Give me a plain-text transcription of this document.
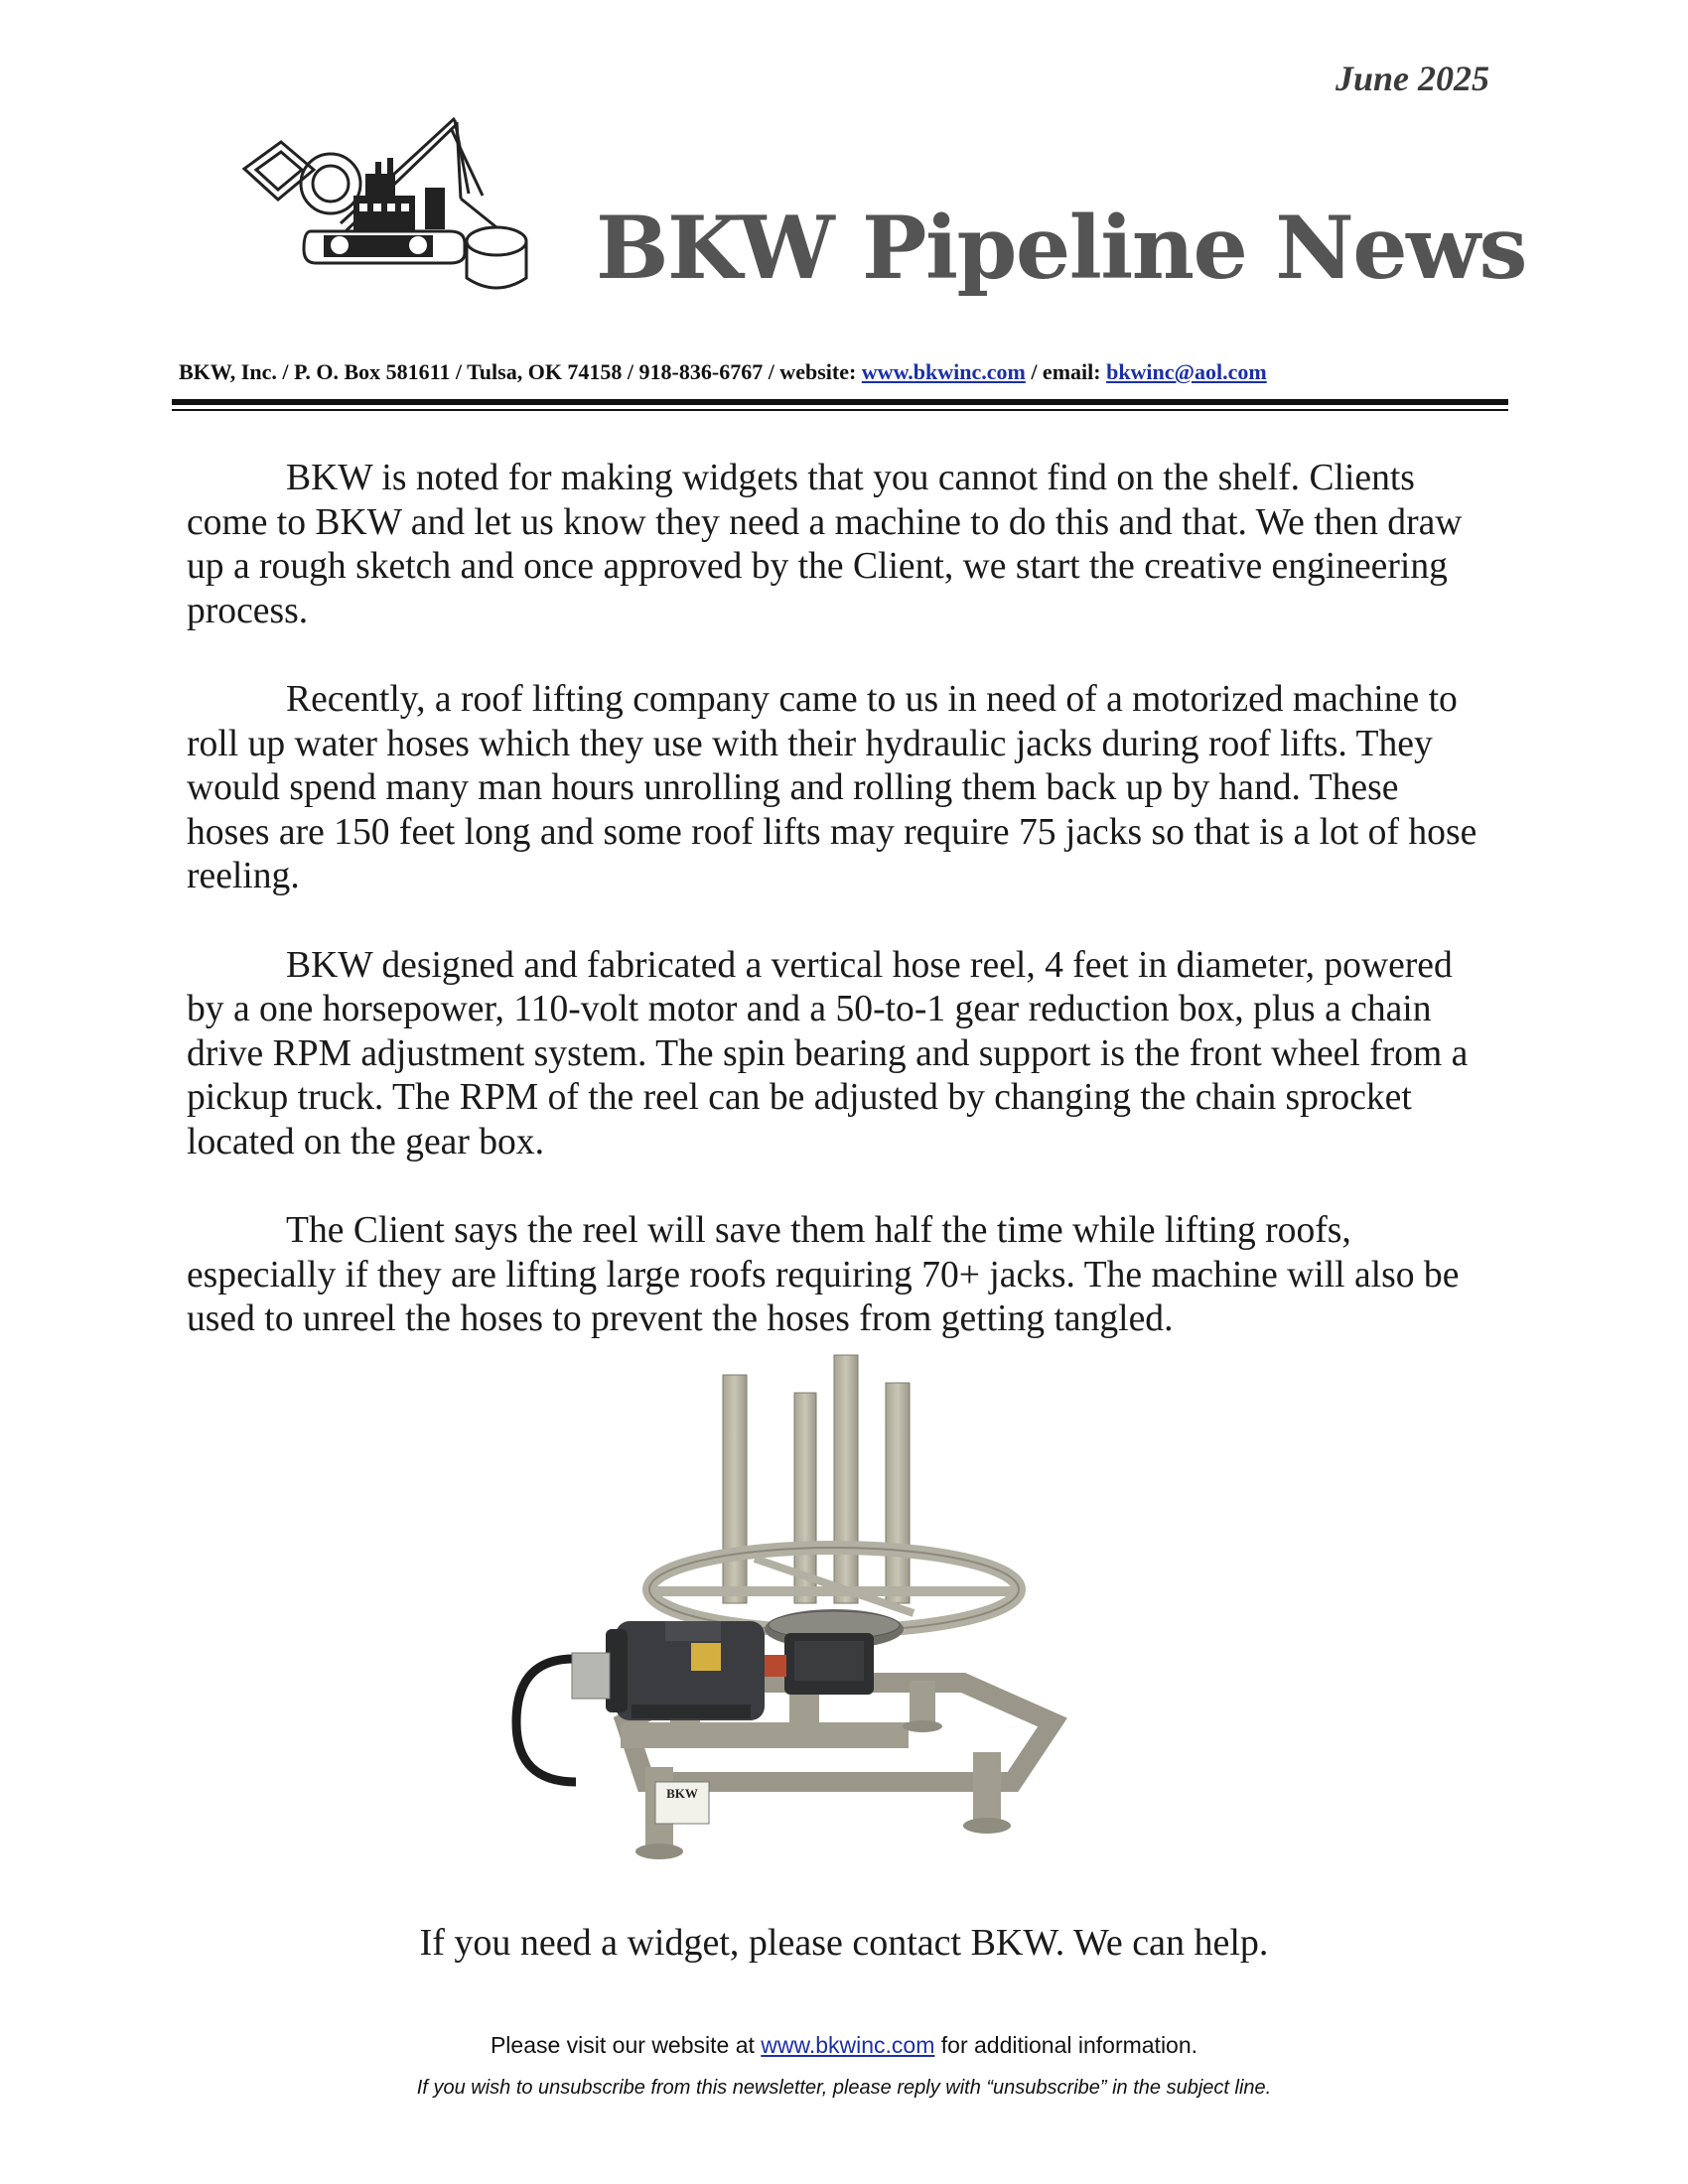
June 2025
BKW Pipeline News
BKW, Inc. / P. O. Box 581611 / Tulsa, OK 74158 / 918-836-6767 / website: www.bkwinc.com / email: bkwinc@aol.com

BKW is noted for making widgets that you cannot find on the shelf. Clients come to BKW and let us know they need a machine to do this and that. We then draw up a rough sketch and once approved by the Client, we start the creative engineering process.

Recently, a roof lifting company came to us in need of a motorized machine to roll up water hoses which they use with their hydraulic jacks during roof lifts. They would spend many man hours unrolling and rolling them back up by hand. These hoses are 150 feet long and some roof lifts may require 75 jacks so that is a lot of hose reeling.

BKW designed and fabricated a vertical hose reel, 4 feet in diameter, powered by a one horsepower, 110-volt motor and a 50-to-1 gear reduction box, plus a chain drive RPM adjustment system. The spin bearing and support is the front wheel from a pickup truck. The RPM of the reel can be adjusted by changing the chain sprocket located on the gear box.

The Client says the reel will save them half the time while lifting roofs, especially if they are lifting large roofs requiring 70+ jacks. The machine will also be used to unreel the hoses to prevent the hoses from getting tangled.

BKW
If you need a widget, please contact BKW. We can help.
Please visit our website at www.bkwinc.com for additional information.
If you wish to unsubscribe from this newsletter, please reply with “unsubscribe” in the subject line.
